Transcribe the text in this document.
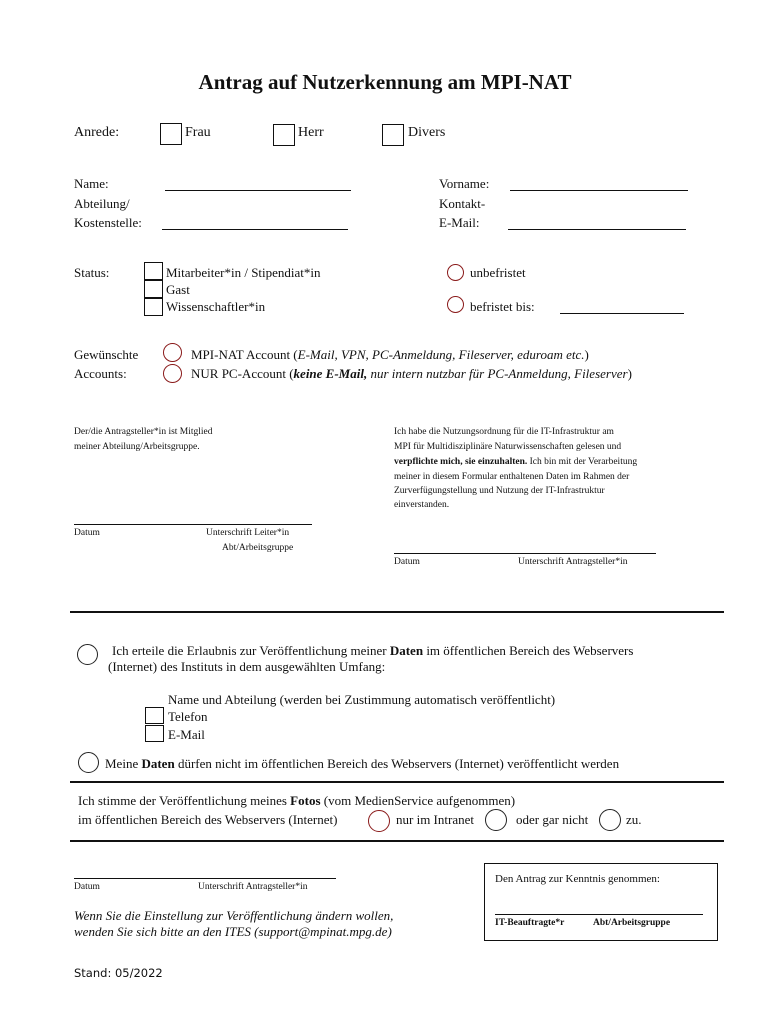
Antrag auf Nutzerkennung am MPI-NAT
Anrede:	Frau	Herr	Divers
Name:
Abteilung/
Kostenstelle:
Vorname:
Kontakt-
E-Mail:
Status:	Mitarbeiter*in / Stipendiat*in
Gast
Wissenschaftler*in
unbefristet
befristet bis:
Gewünschte
Accounts:
MPI-NAT Account (E-Mail, VPN, PC-Anmeldung, Fileserver, eduroam etc.)
NUR PC-Account (keine E-Mail, nur intern nutzbar für PC-Anmeldung, Fileserver)
Der/die Antragsteller*in ist Mitglied
meiner Abteilung/Arbeitsgruppe.
Datum	Unterschrift Leiter*in
Abt/Arbeitsgruppe
Ich habe die Nutzungsordnung für die IT-Infrastruktur am
MPI für Multidisziplinäre Naturwissenschaften gelesen und
verpflichte mich, sie einzuhalten. Ich bin mit der Verarbeitung
meiner in diesem Formular enthaltenen Daten im Rahmen der
Zurverfügungstellung und Nutzung der IT-Infrastruktur
einverstanden.
Datum	Unterschrift Antragsteller*in
Ich erteile die Erlaubnis zur Veröffentlichung meiner Daten im öffentlichen Bereich des Webservers
(Internet) des Instituts in dem ausgewählten Umfang:
Name und Abteilung (werden bei Zustimmung automatisch veröffentlicht)
Telefon
E-Mail
Meine Daten dürfen nicht im öffentlichen Bereich des Webservers (Internet) veröffentlicht werden
Ich stimme der Veröffentlichung meines Fotos (vom MedienService aufgenommen)
im öffentlichen Bereich des Webservers (Internet)	nur im Intranet	oder gar nicht	zu.
Datum	Unterschrift Antragsteller*in
Wenn Sie die Einstellung zur Veröffentlichung ändern wollen,
wenden Sie sich bitte an den ITES (support@mpinat.mpg.de)
Den Antrag zur Kenntnis genommen:
IT-Beauftragte*r	Abt/Arbeitsgruppe
Stand: 05/2022
